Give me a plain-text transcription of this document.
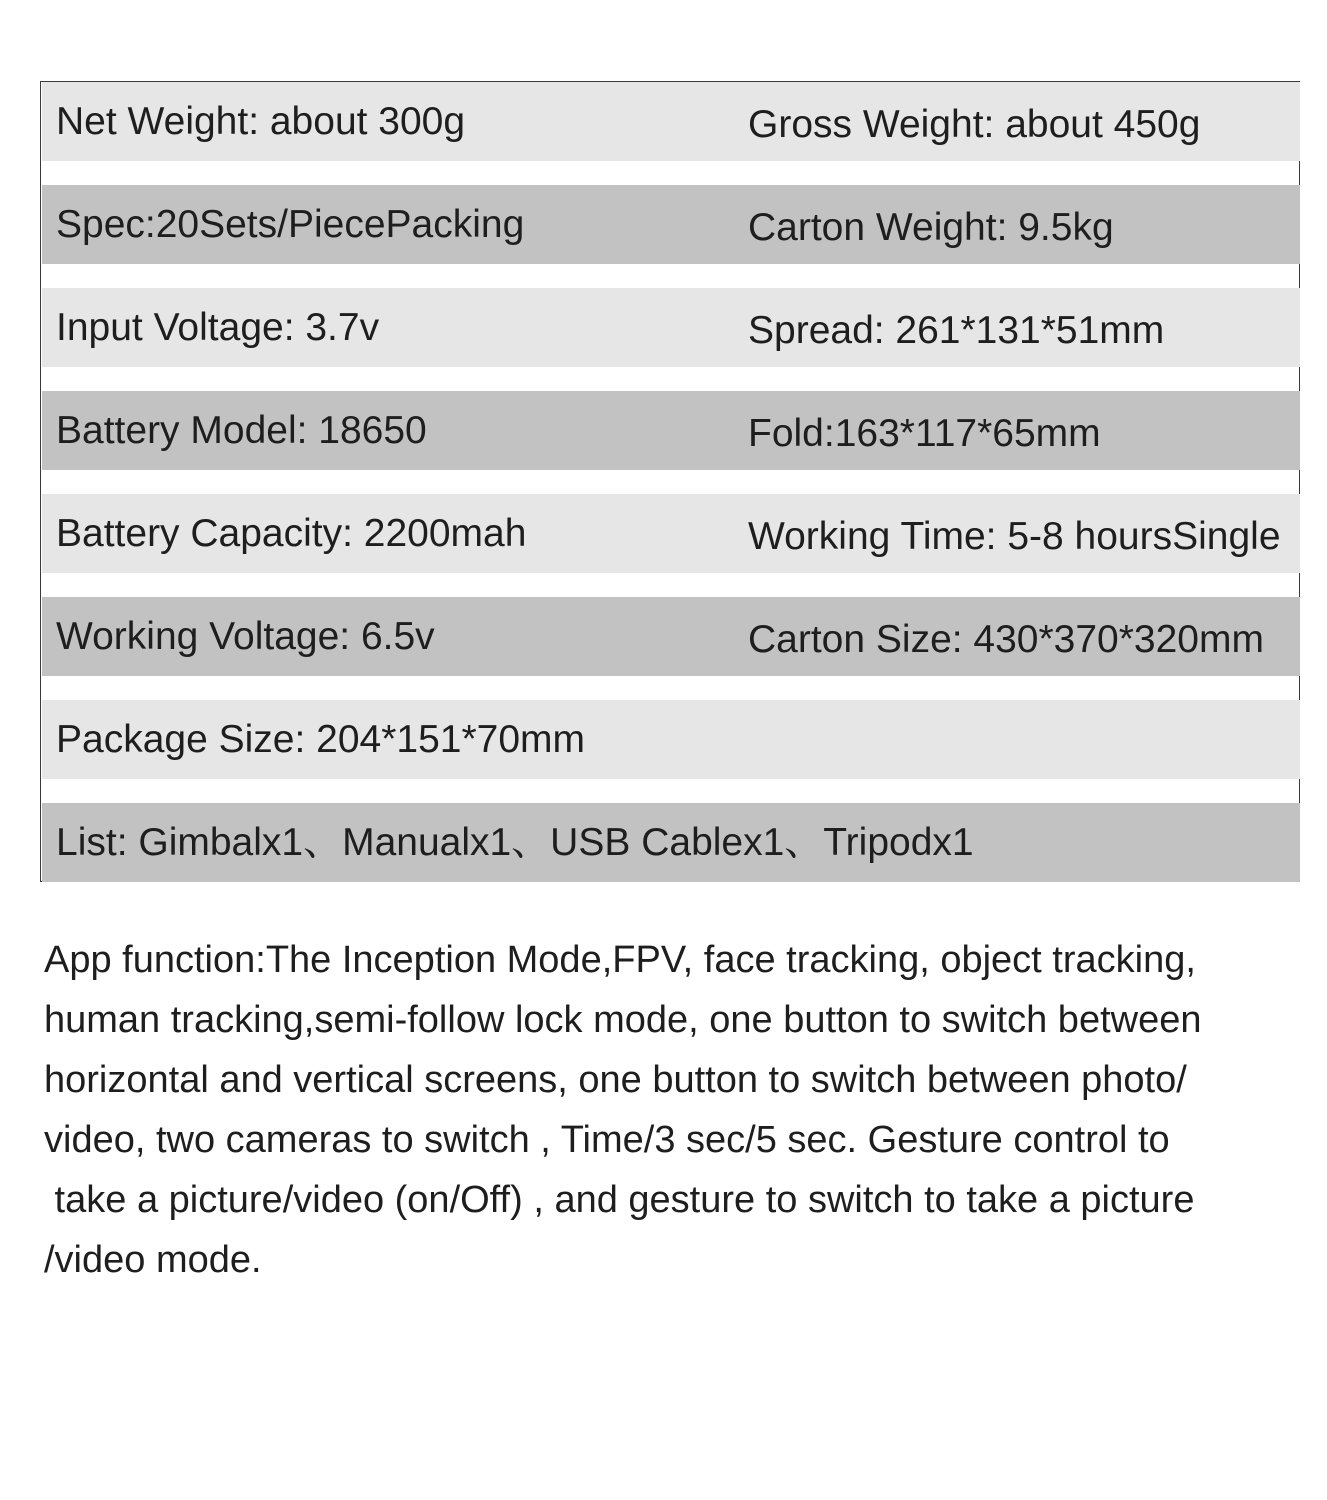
Net Weight: about 300g	Gross Weight: about 450g
Spec:20Sets/PiecePacking	Carton Weight: 9.5kg
Input Voltage: 3.7v	Spread: 261*131*51mm
Battery Model: 18650	Fold:163*117*65mm
Battery Capacity: 2200mah	Working Time: 5-8 hoursSingle
Working Voltage: 6.5v	Carton Size: 430*370*320mm
Package Size: 204*151*70mm
List: Gimbalx1、Manualx1、USB Cablex1、Tripodx1
App function:The Inception Mode,FPV, face tracking, object tracking,
human tracking,semi-follow lock mode, one button to switch between
horizontal and vertical screens, one button to switch between photo/
video, two cameras to switch , Time/3 sec/5 sec. Gesture control to
take a picture/video (on/Off) , and gesture to switch to take a picture
/video mode.
